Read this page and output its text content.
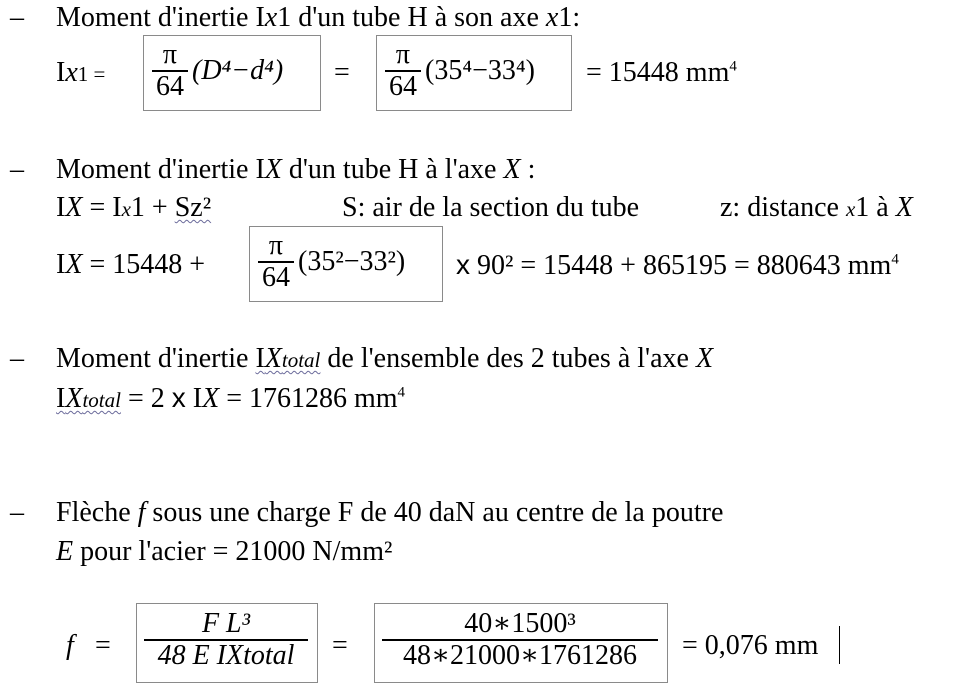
– Moment d'inertie Ix1 d'un tube H à son axe x1:
Ix1 =
π
64
(D⁴−d⁴) =
π
64
(35⁴−33⁴) = 15448 $mm^4$
– Moment d'inertie IX d'un tube H à l'axe X :
IX = Ix1 + Sz²	S: air de la section du tube	z: distance x1 à X
IX = 15448 +
π
64
(35²−33²) x 90² = 15448 + 865195 = 880643 $mm^4$
– Moment d'inertie IXtotal de l'ensemble des 2 tubes à l'axe X
IXtotal = 2 x IX = 1761286 $mm^4$
– Flèche f sous une charge F de 40 daN au centre de la poutre
E pour l'acier = 21000 N/mm²
f =
F L³
48 E IXtotal =
40∗1500³
48∗21000∗1761286 = 0,076 mm
